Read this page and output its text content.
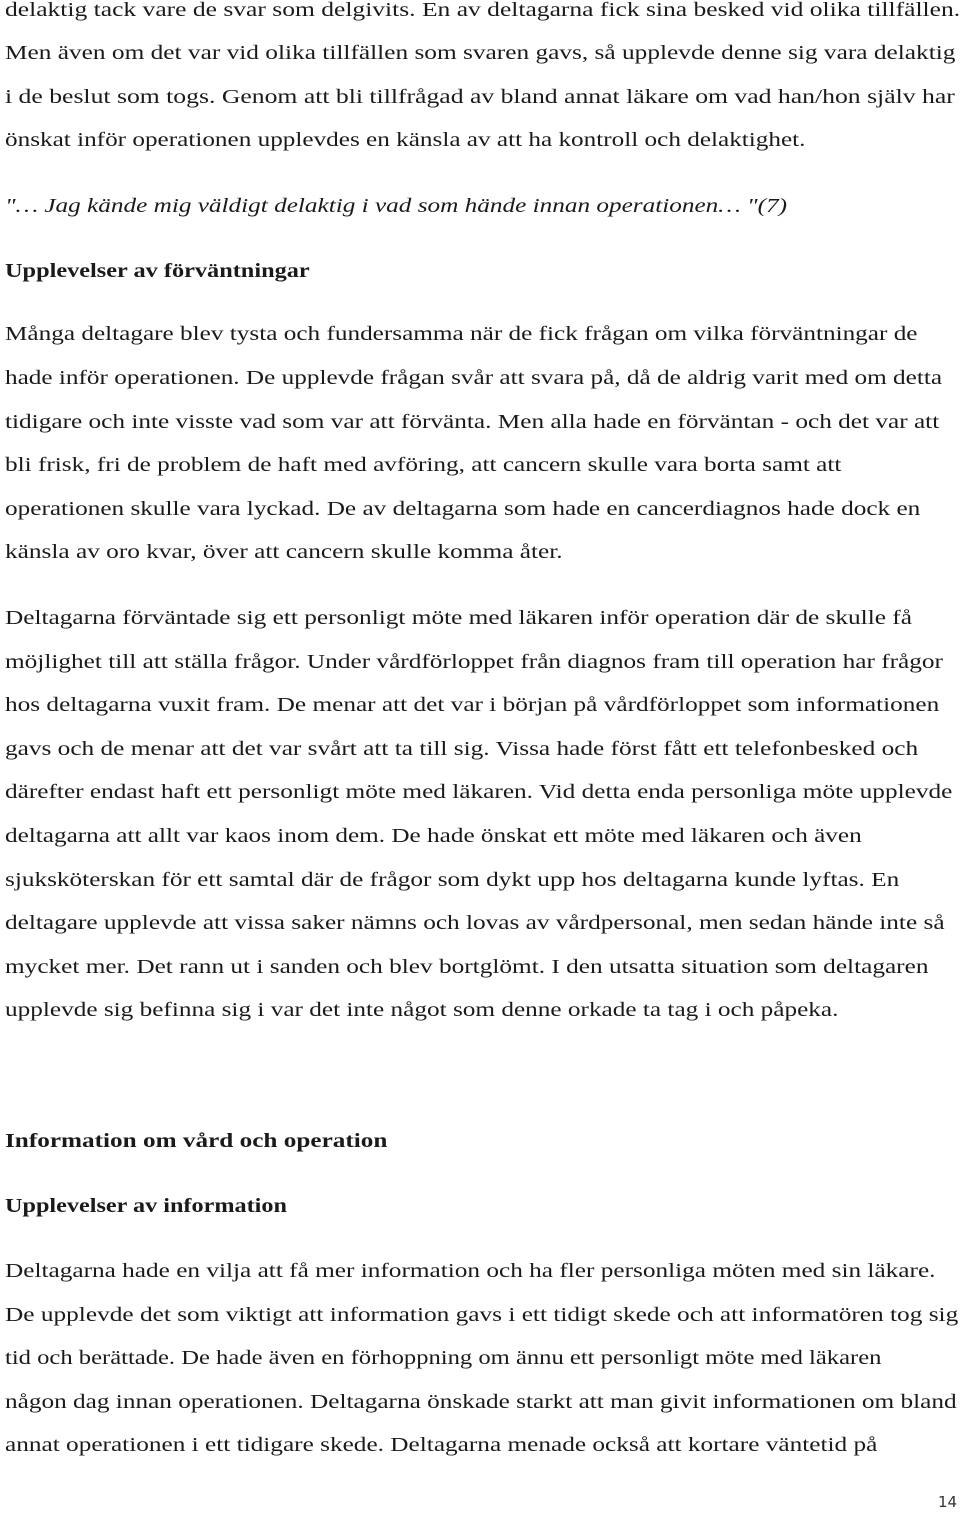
delaktig tack vare de svar som delgivits. En av deltagarna fick sina besked vid olika tillfällen.

Men även om det var vid olika tillfällen som svaren gavs, så upplevde denne sig vara delaktig

i de beslut som togs. Genom att bli tillfrågad av bland annat läkare om vad han/hon själv har

önskat inför operationen upplevdes en känsla av att ha kontroll och delaktighet.

"… Jag kände mig väldigt delaktig i vad som hände innan operationen… "(7)

Upplevelser av förväntningar

Många deltagare blev tysta och fundersamma när de fick frågan om vilka förväntningar de

hade inför operationen. De upplevde frågan svår att svara på, då de aldrig varit med om detta

tidigare och inte visste vad som var att förvänta. Men alla hade en förväntan - och det var att

bli frisk, fri de problem de haft med avföring, att cancern skulle vara borta samt att

operationen skulle vara lyckad. De av deltagarna som hade en cancerdiagnos hade dock en

känsla av oro kvar, över att cancern skulle komma åter.

Deltagarna förväntade sig ett personligt möte med läkaren inför operation där de skulle få

möjlighet till att ställa frågor. Under vårdförloppet från diagnos fram till operation har frågor

hos deltagarna vuxit fram. De menar att det var i början på vårdförloppet som informationen

gavs och de menar att det var svårt att ta till sig. Vissa hade först fått ett telefonbesked och

därefter endast haft ett personligt möte med läkaren. Vid detta enda personliga möte upplevde

deltagarna att allt var kaos inom dem. De hade önskat ett möte med läkaren och även

sjuksköterskan för ett samtal där de frågor som dykt upp hos deltagarna kunde lyftas. En

deltagare upplevde att vissa saker nämns och lovas av vårdpersonal, men sedan hände inte så

mycket mer. Det rann ut i sanden och blev bortglömt. I den utsatta situation som deltagaren

upplevde sig befinna sig i var det inte något som denne orkade ta tag i och påpeka.

Information om vård och operation
Upplevelser av information

Deltagarna hade en vilja att få mer information och ha fler personliga möten med sin läkare.

De upplevde det som viktigt att information gavs i ett tidigt skede och att informatören tog sig

tid och berättade. De hade även en förhoppning om ännu ett personligt möte med läkaren

någon dag innan operationen. Deltagarna önskade starkt att man givit informationen om bland

annat operationen i ett tidigare skede. Deltagarna menade också att kortare väntetid på

14
